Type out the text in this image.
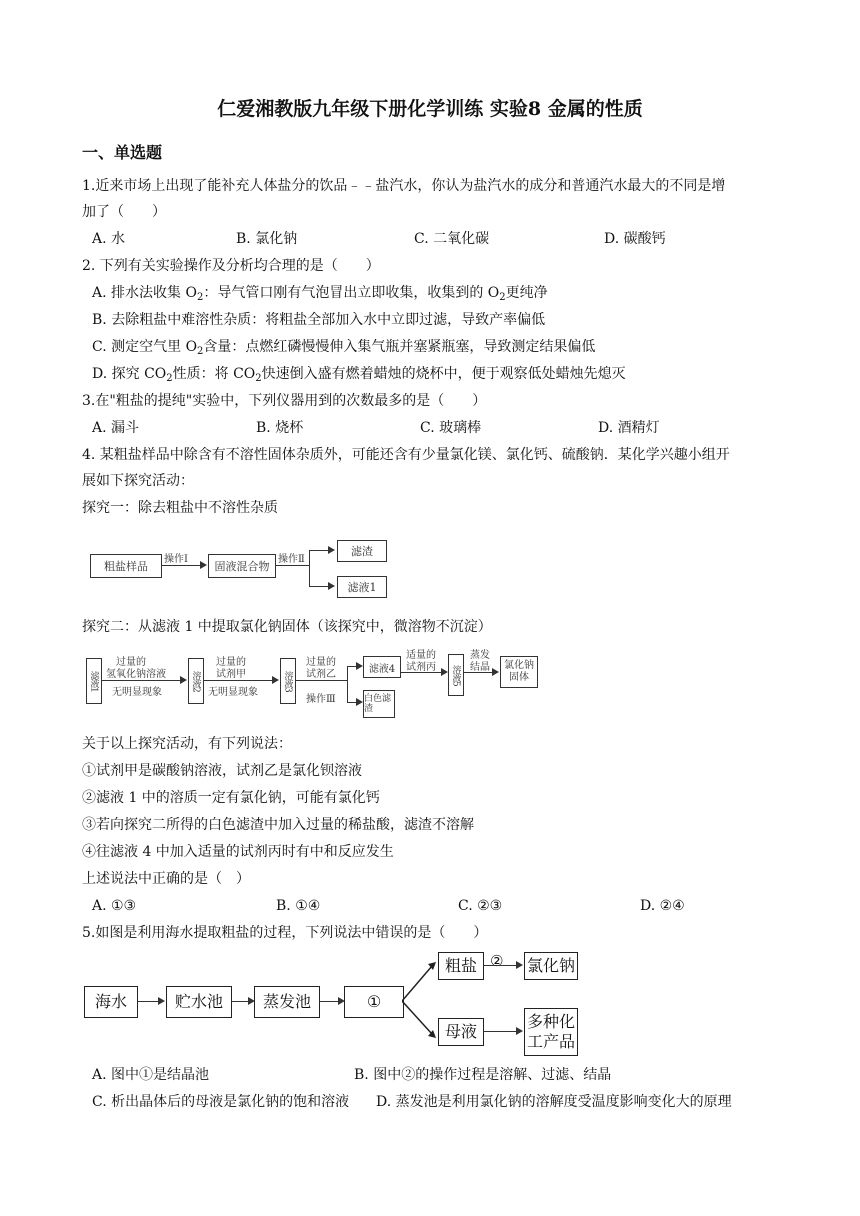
仁爱湘教版九年级下册化学训练 实验8 金属的性质
一、单选题
1.近来市场上出现了能补充人体盐分的饮品﹣﹣盐汽水，你认为盐汽水的成分和普通汽水最大的不同是增
加了（　　）
A. 水	B. 氯化钠	C. 二氧化碳	D. 碳酸钙
2. 下列有关实验操作及分析均合理的是（　　）
A. 排水法收集 $O_2$：导气管口刚有气泡冒出立即收集，收集到的 $O_2$更纯净
B. 去除粗盐中难溶性杂质：将粗盐全部加入水中立即过滤，导致产率偏低
C. 测定空气里 $O_2$含量：点燃红磷慢慢伸入集气瓶并塞紧瓶塞，导致测定结果偏低
D. 探究 $CO_2$性质：将 $CO_2$快速倒入盛有燃着蜡烛的烧杯中，便于观察低处蜡烛先熄灭
3.在"粗盐的提纯"实验中，下列仪器用到的次数最多的是（　　）
A. 漏斗	B. 烧杯	C. 玻璃棒	D. 酒精灯
4. 某粗盐样品中除含有不溶性固体杂质外，可能还含有少量氯化镁、氯化钙、硫酸钠．某化学兴趣小组开
展如下探究活动：
探究一：除去粗盐中不溶性杂质
粗盐样品
操作Ⅰ
固液混合物
操作Ⅱ
滤渣
滤液1
探究二：从滤液 1 中提取氯化钠固体（该探究中，微溶物不沉淀）
滤液1
过量的
氢氧化钠溶液
无明显现象
溶液2
过量的
试剂甲
无明显现象
溶液3
过量的
试剂乙
操作Ⅲ
滤液4
白色滤渣
适量的
试剂丙 溶液5
蒸发
结晶	氯化钠固体
关于以上探究活动，有下列说法：
①试剂甲是碳酸钠溶液，试剂乙是氯化钡溶液
②滤液 1 中的溶质一定有氯化钠，可能有氯化钙
③若向探究二所得的白色滤渣中加入过量的稀盐酸，滤渣不溶解
④往滤液 4 中加入适量的试剂丙时有中和反应发生
上述说法中正确的是（　）
A. ①③	B. ①④	C. ②③	D. ②④
5.如图是利用海水提取粗盐的过程，下列说法中错误的是（　　）
海水	贮水池	蒸发池	①
粗盐 ② 氯化钠
母液
多种化
工产品
A. 图中①是结晶池	B. 图中②的操作过程是溶解、过滤、结晶
C. 析出晶体后的母液是氯化钠的饱和溶液 D. 蒸发池是利用氯化钠的溶解度受温度影响变化大的原理
